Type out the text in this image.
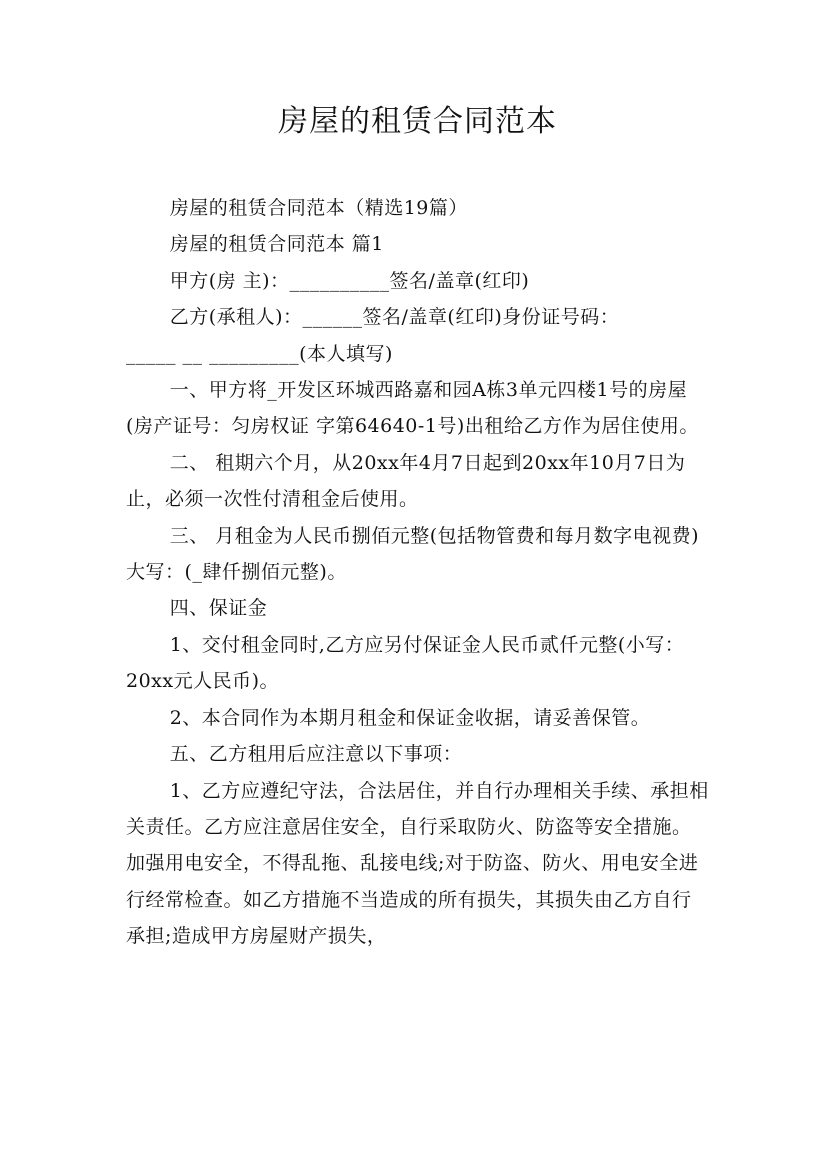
房屋的租赁合同范本

房屋的租赁合同范本（精选19篇）

房屋的租赁合同范本 篇1

甲方(房 主)：__________签名/盖章(红印)

乙方(承租人)：______签名/盖章(红印)身份证号码：

_____ __ _________(本人填写)

一、甲方将_开发区环城西路嘉和园A栋3单元四楼1号的房屋(房产证号：匀房权证 字第64640-1号)出租给乙方作为居住使用。

二、 租期六个月，从20xx年4月7日起到20xx年10月7日为止，必须一次性付清租金后使用。

三、 月租金为人民币捌佰元整(包括物管费和每月数字电视费)大写：(_肆仟捌佰元整)。

四、保证金

1、交付租金同时,乙方应另付保证金人民币贰仟元整(小写：20xx元人民币)。

2、本合同作为本期月租金和保证金收据，请妥善保管。

五、乙方租用后应注意以下事项：

1、乙方应遵纪守法，合法居住，并自行办理相关手续、承担相关责任。乙方应注意居住安全，自行采取防火、防盗等安全措施。加强用电安全，不得乱拖、乱接电线;对于防盗、防火、用电安全进行经常检查。如乙方措施不当造成的所有损失，其损失由乙方自行承担;造成甲方房屋财产损失，
